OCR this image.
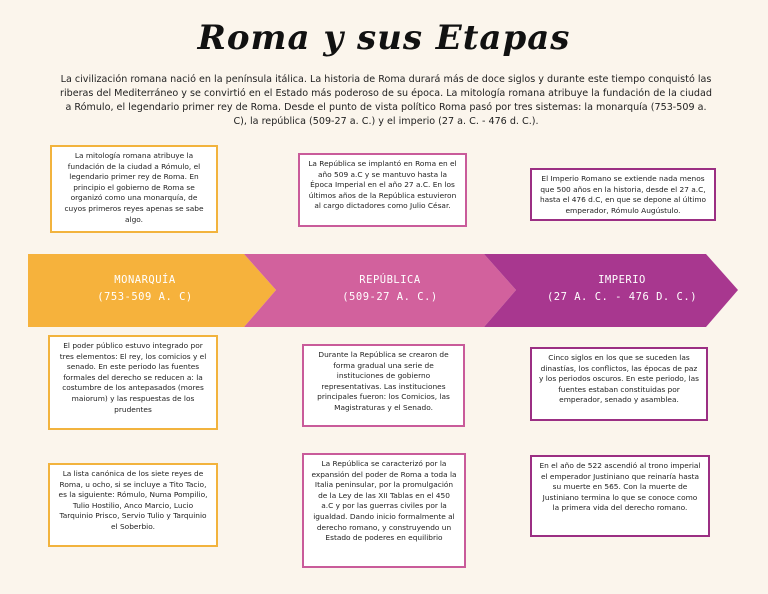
Roma y sus Etapas
La civilización romana nació en la península itálica. La historia de Roma durará más de doce siglos y durante este tiempo conquistó las riberas del Mediterráneo y se convirtió en el Estado más poderoso de su época. La mitología romana atribuye la fundación de la ciudad a Rómulo, el legendario primer rey de Roma. Desde el punto de vista político Roma pasó por tres sistemas: la monarquía (753-509 a. C), la república (509-27 a. C.) y el imperio (27 a. C. - 476 d. C.).
MONARQUÍA
(753-509 A. C)
La mitología romana atribuye la fundación de la ciudad a Rómulo, el legendario primer rey de Roma. En principio el gobierno de Roma se organizó como una monarquía, de cuyos primeros reyes apenas se sabe algo.
El poder público estuvo integrado por tres elementos: El rey, los comicios y el senado. En este periodo las fuentes formales del derecho se reducen a: la costumbre de los antepasados (mores maiorum) y las respuestas de los prudentes
La lista canónica de los siete reyes de Roma, u ocho, si se incluye a Tito Tacio, es la siguiente: Rómulo, Numa Pompilio, Tulio Hostilio, Anco Marcio, Lucio Tarquinio Prisco, Servio Tulio y Tarquinio el Soberbio.
REPÚBLICA
(509-27 A. C.)
La República se implantó en Roma en el año 509 a.C y se mantuvo hasta la Época Imperial en el año 27 a.C. En los últimos años de la República estuvieron al cargo dictadores como Julio César.
Durante la República se crearon de forma gradual una serie de instituciones de gobierno representativas. Las instituciones principales fueron: los Comicios, las Magistraturas y el Senado.
La República se caracterizó por la expansión del poder de Roma a toda la Italia peninsular, por la promulgación de la Ley de las XII Tablas en el 450 a.C y por las guerras civiles por la igualdad. Dando inicio formalmente al derecho romano, y construyendo un Estado de poderes en equilibrio
IMPERIO
(27 A. C. - 476 D. C.)
El Imperio Romano se extiende nada menos que 500 años en la historia, desde el 27 a.C, hasta el 476 d.C, en que se depone al último emperador, Rómulo Augústulo.
Cinco siglos en los que se suceden las dinastías, los conflictos, las épocas de paz y los periodos oscuros. En este periodo, las fuentes estaban constituidas por emperador, senado y asamblea.
En el año de 522 ascendió al trono imperial el emperador Justiniano que reinaría hasta su muerte en 565. Con la muerte de Justiniano termina lo que se conoce como la primera vida del derecho romano.
